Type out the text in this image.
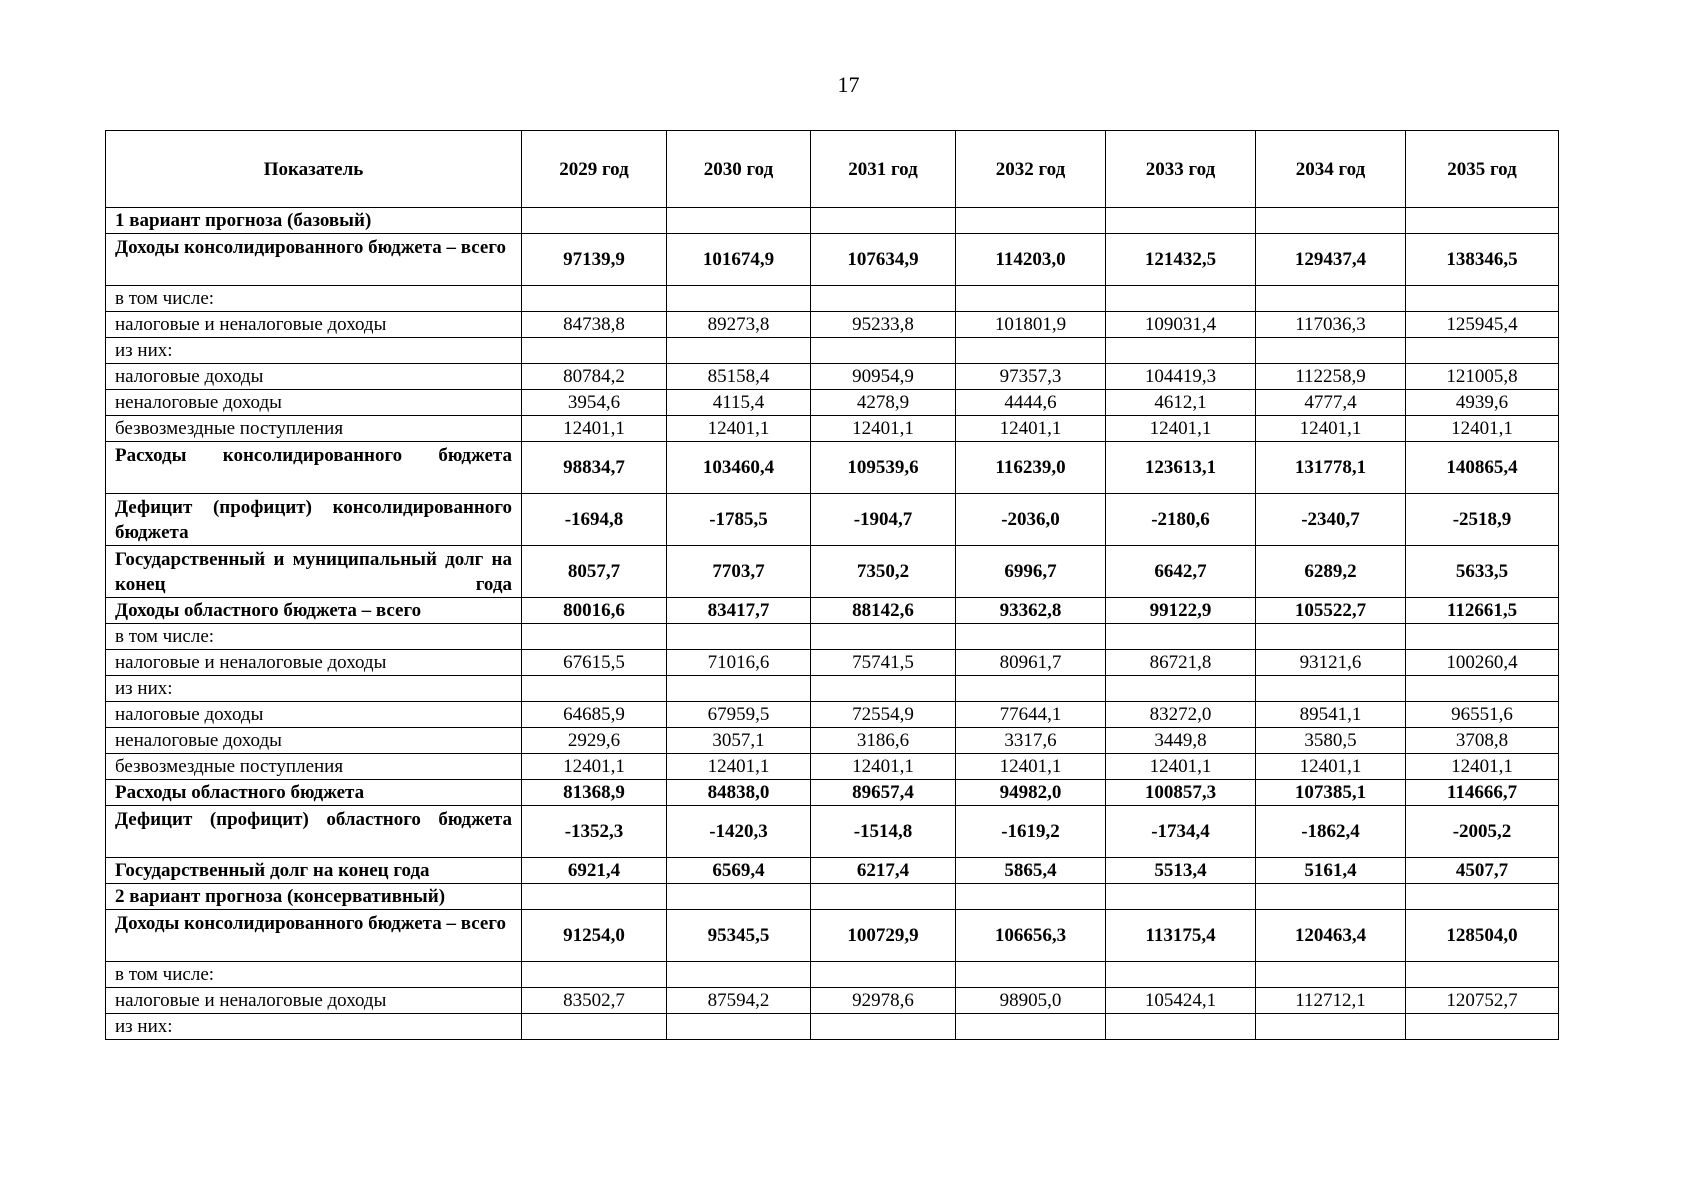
17
Показатель	2029 год	2030 год	2031 год	2032 год	2033 год	2034 год	2035 год
1 вариант прогноза (базовый)							
Доходы консолидированного бюджета – всего	97139,9	101674,9	107634,9	114203,0	121432,5	129437,4	138346,5
в том числе:							
налоговые и неналоговые доходы	84738,8	89273,8	95233,8	101801,9	109031,4	117036,3	125945,4
из них:							
налоговые доходы	80784,2	85158,4	90954,9	97357,3	104419,3	112258,9	121005,8
неналоговые доходы	3954,6	4115,4	4278,9	4444,6	4612,1	4777,4	4939,6
безвозмездные поступления	12401,1	12401,1	12401,1	12401,1	12401,1	12401,1	12401,1
Расходы консолидированного бюджета	98834,7	103460,4	109539,6	116239,0	123613,1	131778,1	140865,4
Дефицит (профицит) консолидированного бюджета	-1694,8	-1785,5	-1904,7	-2036,0	-2180,6	-2340,7	-2518,9
Государственный и муниципальный долг на конец года	8057,7	7703,7	7350,2	6996,7	6642,7	6289,2	5633,5
Доходы областного бюджета – всего	80016,6	83417,7	88142,6	93362,8	99122,9	105522,7	112661,5
в том числе:							
налоговые и неналоговые доходы	67615,5	71016,6	75741,5	80961,7	86721,8	93121,6	100260,4
из них:							
налоговые доходы	64685,9	67959,5	72554,9	77644,1	83272,0	89541,1	96551,6
неналоговые доходы	2929,6	3057,1	3186,6	3317,6	3449,8	3580,5	3708,8
безвозмездные поступления	12401,1	12401,1	12401,1	12401,1	12401,1	12401,1	12401,1
Расходы областного бюджета	81368,9	84838,0	89657,4	94982,0	100857,3	107385,1	114666,7
Дефицит (профицит) областного бюджета	-1352,3	-1420,3	-1514,8	-1619,2	-1734,4	-1862,4	-2005,2
Государственный долг на конец года	6921,4	6569,4	6217,4	5865,4	5513,4	5161,4	4507,7
2 вариант прогноза (консервативный)							
Доходы консолидированного бюджета – всего	91254,0	95345,5	100729,9	106656,3	113175,4	120463,4	128504,0
в том числе:							
налоговые и неналоговые доходы	83502,7	87594,2	92978,6	98905,0	105424,1	112712,1	120752,7
из них:							
